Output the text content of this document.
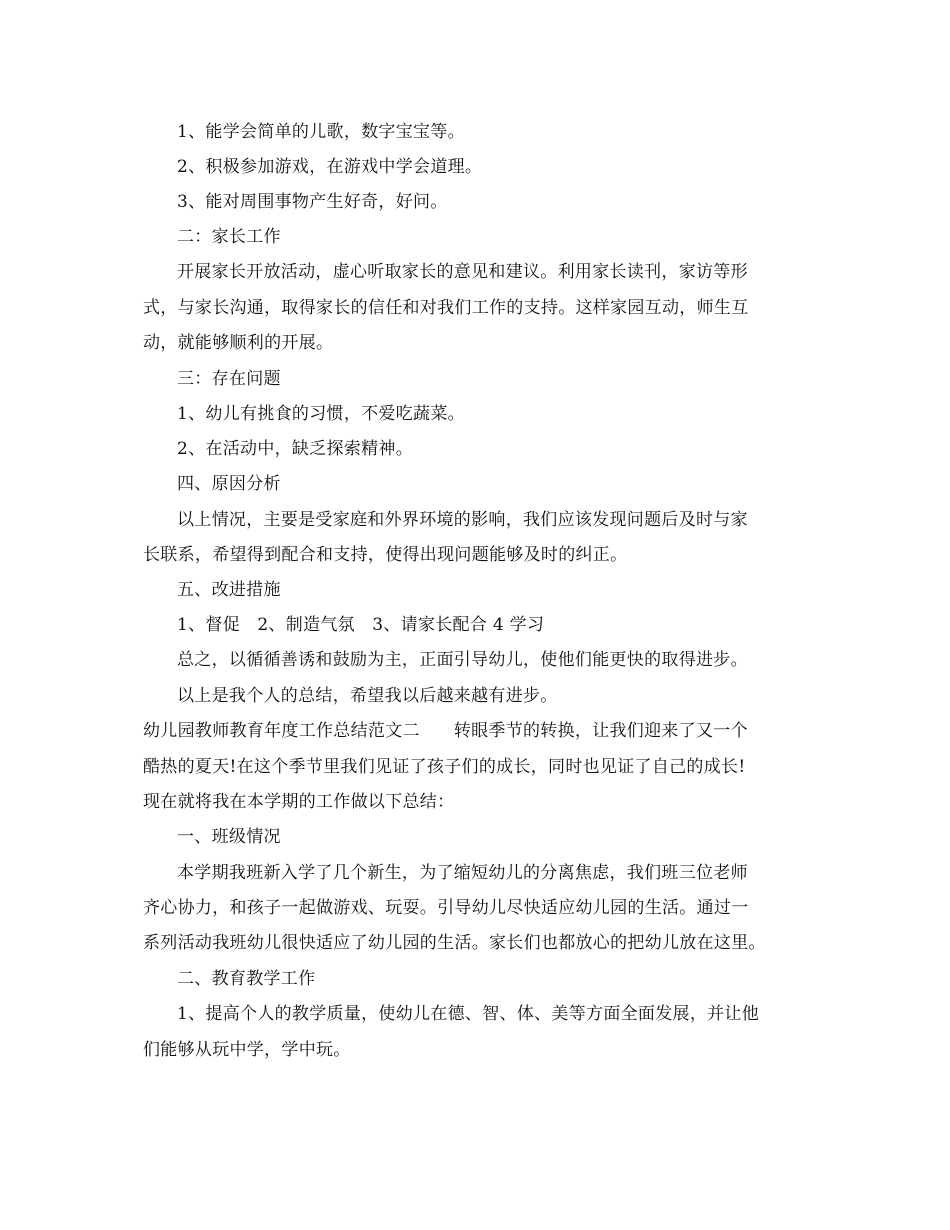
1、能学会简单的儿歌，数字宝宝等。
2、积极参加游戏，在游戏中学会道理。
3、能对周围事物产生好奇，好问。
二：家长工作
开展家长开放活动，虚心听取家长的意见和建议。利用家长读刊，家访等形
式，与家长沟通，取得家长的信任和对我们工作的支持。这样家园互动，师生互
动，就能够顺利的开展。
三：存在问题
1、幼儿有挑食的习惯，不爱吃蔬菜。
2、在活动中，缺乏探索精神。
四、原因分析
以上情况，主要是受家庭和外界环境的影响，我们应该发现问题后及时与家
长联系，希望得到配合和支持，使得出现问题能够及时的纠正。
五、改进措施
1、督促　2、制造气氛　3、请家长配合 4 学习
总之，以循循善诱和鼓励为主，正面引导幼儿，使他们能更快的取得进步。
以上是我个人的总结，希望我以后越来越有进步。
幼儿园教师教育年度工作总结范文二 转眼季节的转换，让我们迎来了又一个
酷热的夏天!在这个季节里我们见证了孩子们的成长，同时也见证了自己的成长!
现在就将我在本学期的工作做以下总结：
一、班级情况
本学期我班新入学了几个新生，为了缩短幼儿的分离焦虑，我们班三位老师
齐心协力，和孩子一起做游戏、玩耍。引导幼儿尽快适应幼儿园的生活。通过一
系列活动我班幼儿很快适应了幼儿园的生活。家长们也都放心的把幼儿放在这里。
二、教育教学工作
1、提高个人的教学质量，使幼儿在德、智、体、美等方面全面发展，并让他
们能够从玩中学，学中玩。
